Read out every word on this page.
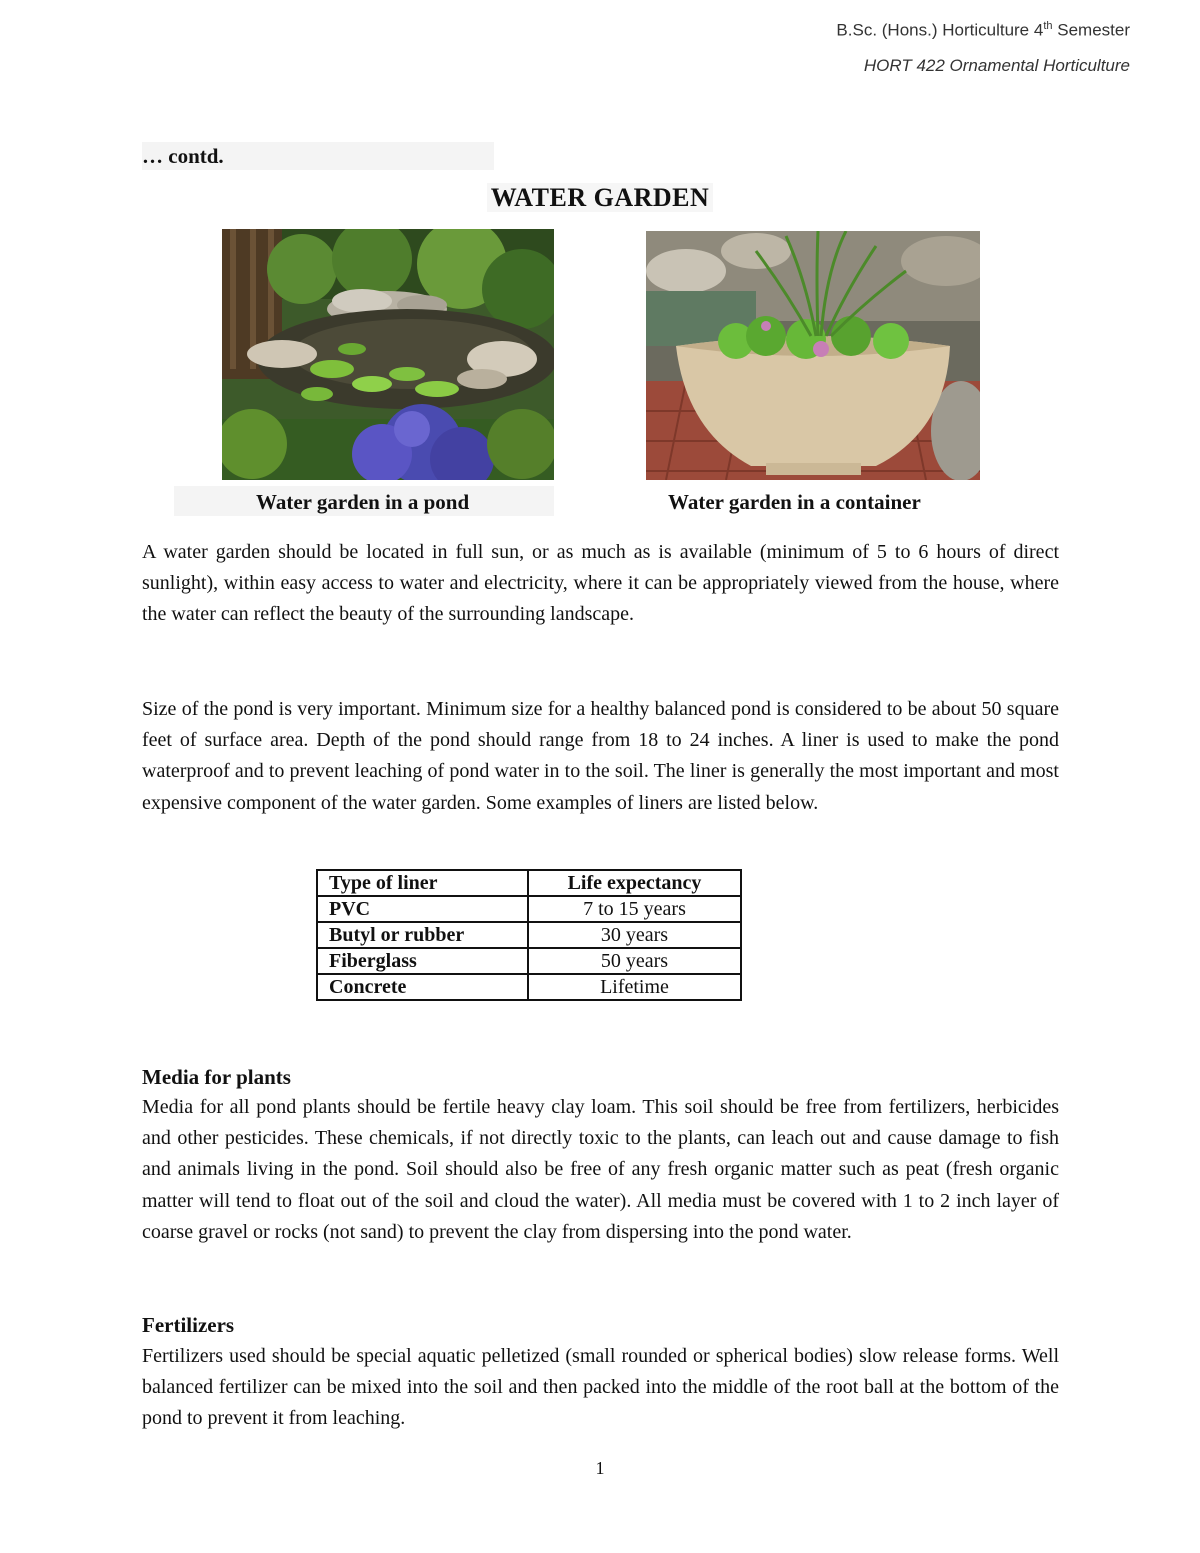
B.Sc. (Hons.) Horticulture 4th Semester
HORT 422 Ornamental Horticulture
… contd.
WATER GARDEN
Water garden in a pond	Water garden in a container

A water garden should be located in full sun, or as much as is available (minimum of 5 to 6 hours of direct sunlight), within easy access to water and electricity, where it can be appropriately viewed from the house, where the water can reflect the beauty of the surrounding landscape.

Size of the pond is very important. Minimum size for a healthy balanced pond is considered to be about 50 square feet of surface area. Depth of the pond should range from 18 to 24 inches. A liner is used to make the pond waterproof and to prevent leaching of pond water in to the soil. The liner is generally the most important and most expensive component of the water garden. Some examples of liners are listed below.

Type of liner	Life expectancy
PVC	7 to 15 years
Butyl or rubber	30 years
Fiberglass	50 years
Concrete	Lifetime
Media for plants

Media for all pond plants should be fertile heavy clay loam. This soil should be free from fertilizers, herbicides and other pesticides. These chemicals, if not directly toxic to the plants, can leach out and cause damage to fish and animals living in the pond. Soil should also be free of any fresh organic matter such as peat (fresh organic matter will tend to float out of the soil and cloud the water). All media must be covered with 1 to 2 inch layer of coarse gravel or rocks (not sand) to prevent the clay from dispersing into the pond water.

Fertilizers

Fertilizers used should be special aquatic pelletized (small rounded or spherical bodies) slow release forms. Well balanced fertilizer can be mixed into the soil and then packed into the middle of the root ball at the bottom of the pond to prevent it from leaching.

1
